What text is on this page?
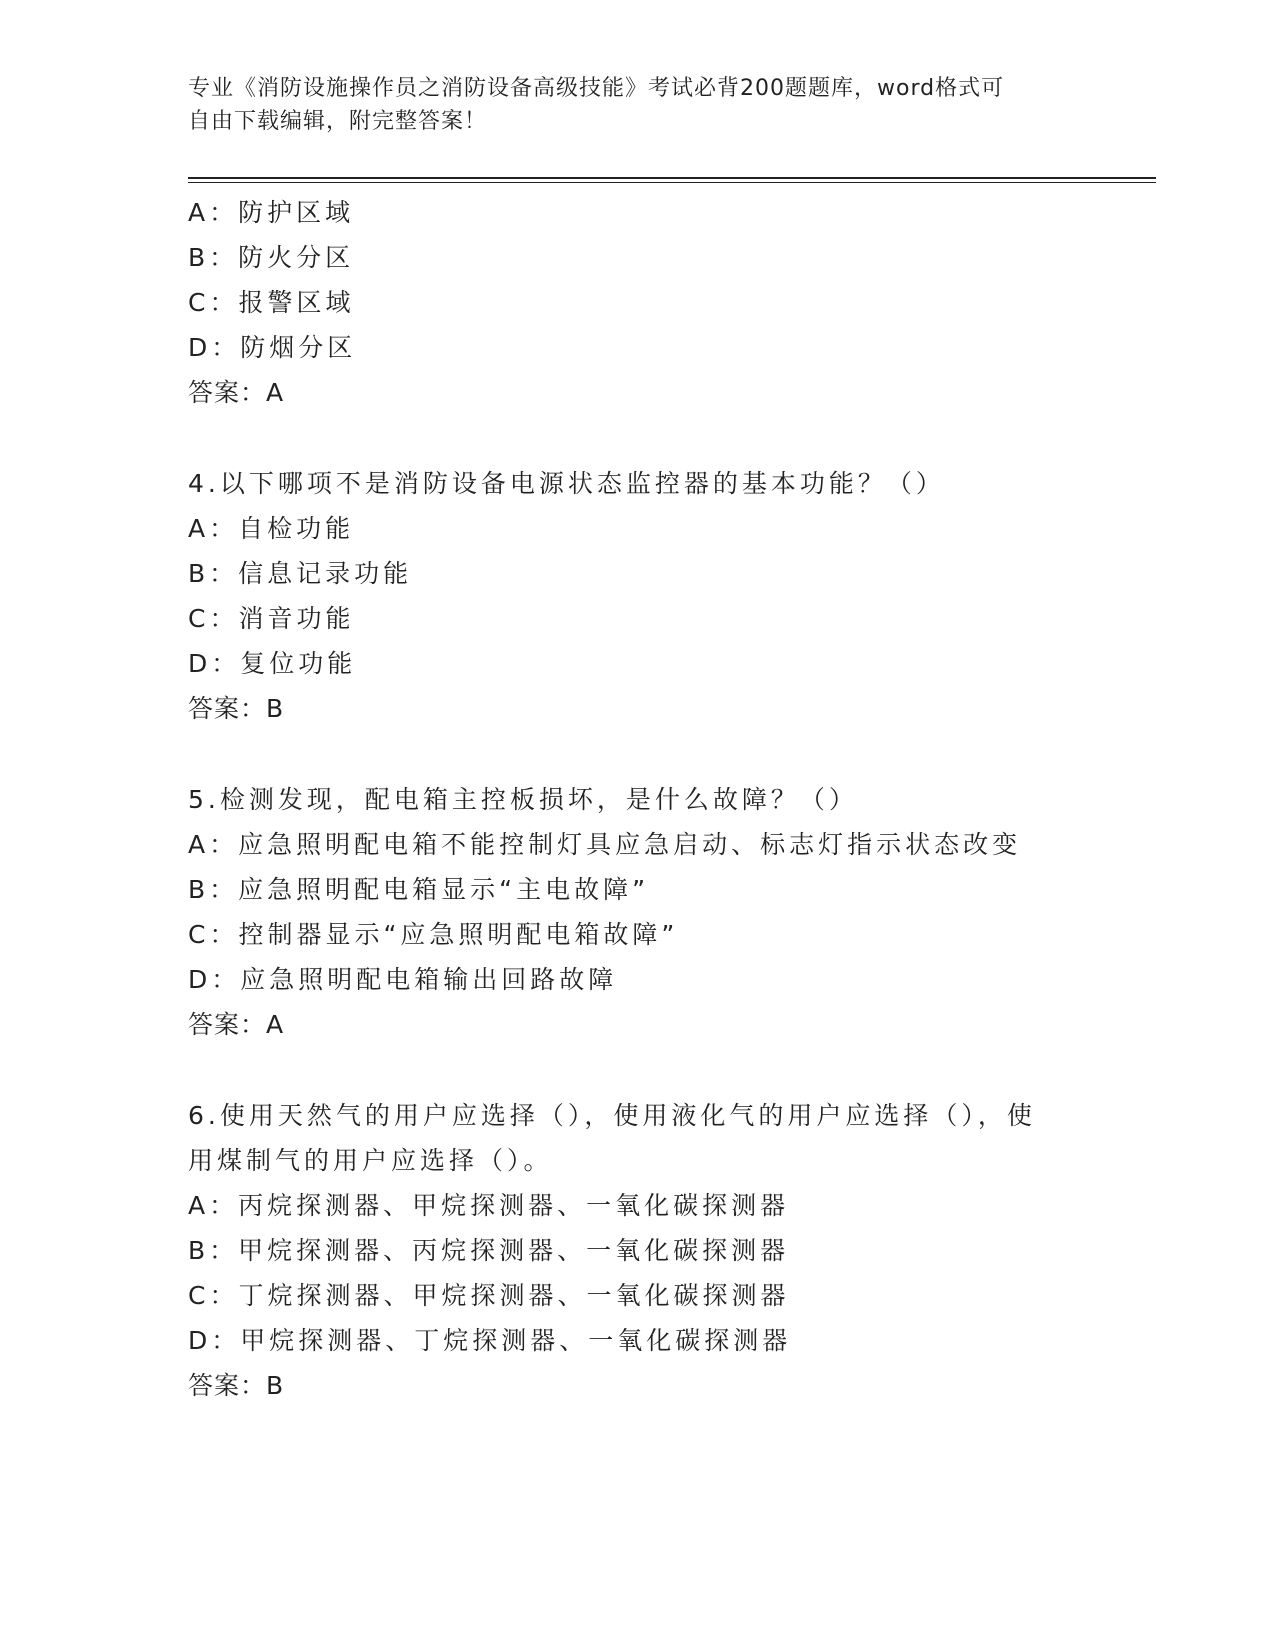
专业《消防设施操作员之消防设备高级技能》考试必背200题题库，word格式可
自由下载编辑，附完整答案！
A：防护区域
B：防火分区
C：报警区域
D：防烟分区
答案：A
4.以下哪项不是消防设备电源状态监控器的基本功能？（）
A：自检功能
B：信息记录功能
C：消音功能
D：复位功能
答案：B
5.检测发现，配电箱主控板损坏，是什么故障？（）
A：应急照明配电箱不能控制灯具应急启动、标志灯指示状态改变
B：应急照明配电箱显示“主电故障”
C：控制器显示“应急照明配电箱故障”
D：应急照明配电箱输出回路故障
答案：A
6.使用天然气的用户应选择（），使用液化气的用户应选择（），使
用煤制气的用户应选择（）。
A：丙烷探测器、甲烷探测器、一氧化碳探测器
B：甲烷探测器、丙烷探测器、一氧化碳探测器
C：丁烷探测器、甲烷探测器、一氧化碳探测器
D：甲烷探测器、丁烷探测器、一氧化碳探测器
答案：B
